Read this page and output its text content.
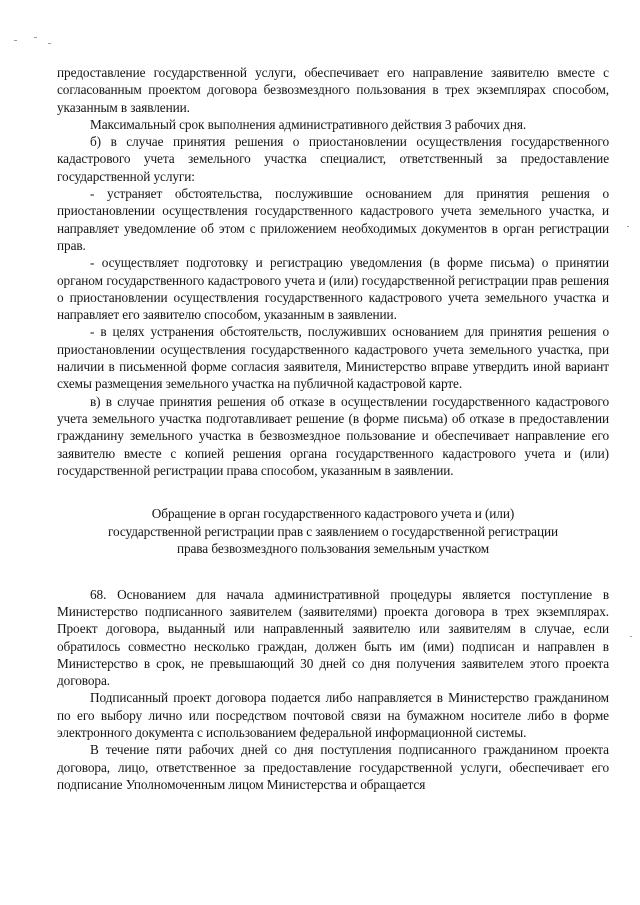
предоставление государственной услуги, обеспечивает его направление заявителю вместе с согласованным проектом договора безвозмездного пользования в трех экземплярах способом, указанным в заявлении.

Максимальный срок выполнения административного действия 3 рабочих дня.

б) в случае принятия решения о приостановлении осуществления государственного кадастрового учета земельного участка специалист, ответственный за предоставление государственной услуги:

- устраняет обстоятельства, послужившие основанием для принятия решения о приостановлении осуществления государственного кадастрового учета земельного участка, и направляет уведомление об этом с приложением необходимых документов в орган регистрации прав.

- осуществляет подготовку и регистрацию уведомления (в форме письма) о принятии органом государственного кадастрового учета и (или) государственной регистрации прав решения о приостановлении осуществления государственного кадастрового учета земельного участка и направляет его заявителю способом, указанным в заявлении.

- в целях устранения обстоятельств, послуживших основанием для принятия решения о приостановлении осуществления государственного кадастрового учета земельного участка, при наличии в письменной форме согласия заявителя, Министерство вправе утвердить иной вариант схемы размещения земельного участка на публичной кадастровой карте.

в) в случае принятия решения об отказе в осуществлении государственного кадастрового учета земельного участка подготавливает решение (в форме письма) об отказе в предоставлении гражданину земельного участка в безвозмездное пользование и обеспечивает направление его заявителю вместе с копией решения органа государственного кадастрового учета и (или) государственной регистрации права способом, указанным в заявлении.

Обращение в орган государственного кадастрового учета и (или)
государственной регистрации прав с заявлением о государственной регистрации
права безвозмездного пользования земельным участком

68. Основанием для начала административной процедуры является поступление в Министерство подписанного заявителем (заявителями) проекта договора в трех экземплярах. Проект договора, выданный или направленный заявителю или заявителям в случае, если обратилось совместно несколько граждан, должен быть им (ими) подписан и направлен в Министерство в срок, не превышающий 30 дней со дня получения заявителем этого проекта договора.

Подписанный проект договора подается либо направляется в Министерство гражданином по его выбору лично или посредством почтовой связи на бумажном носителе либо в форме электронного документа с использованием федеральной информационной системы.

В течение пяти рабочих дней со дня поступления подписанного гражданином проекта договора, лицо, ответственное за предоставление государственной услуги, обеспечивает его подписание Уполномоченным лицом Министерства и обращается
